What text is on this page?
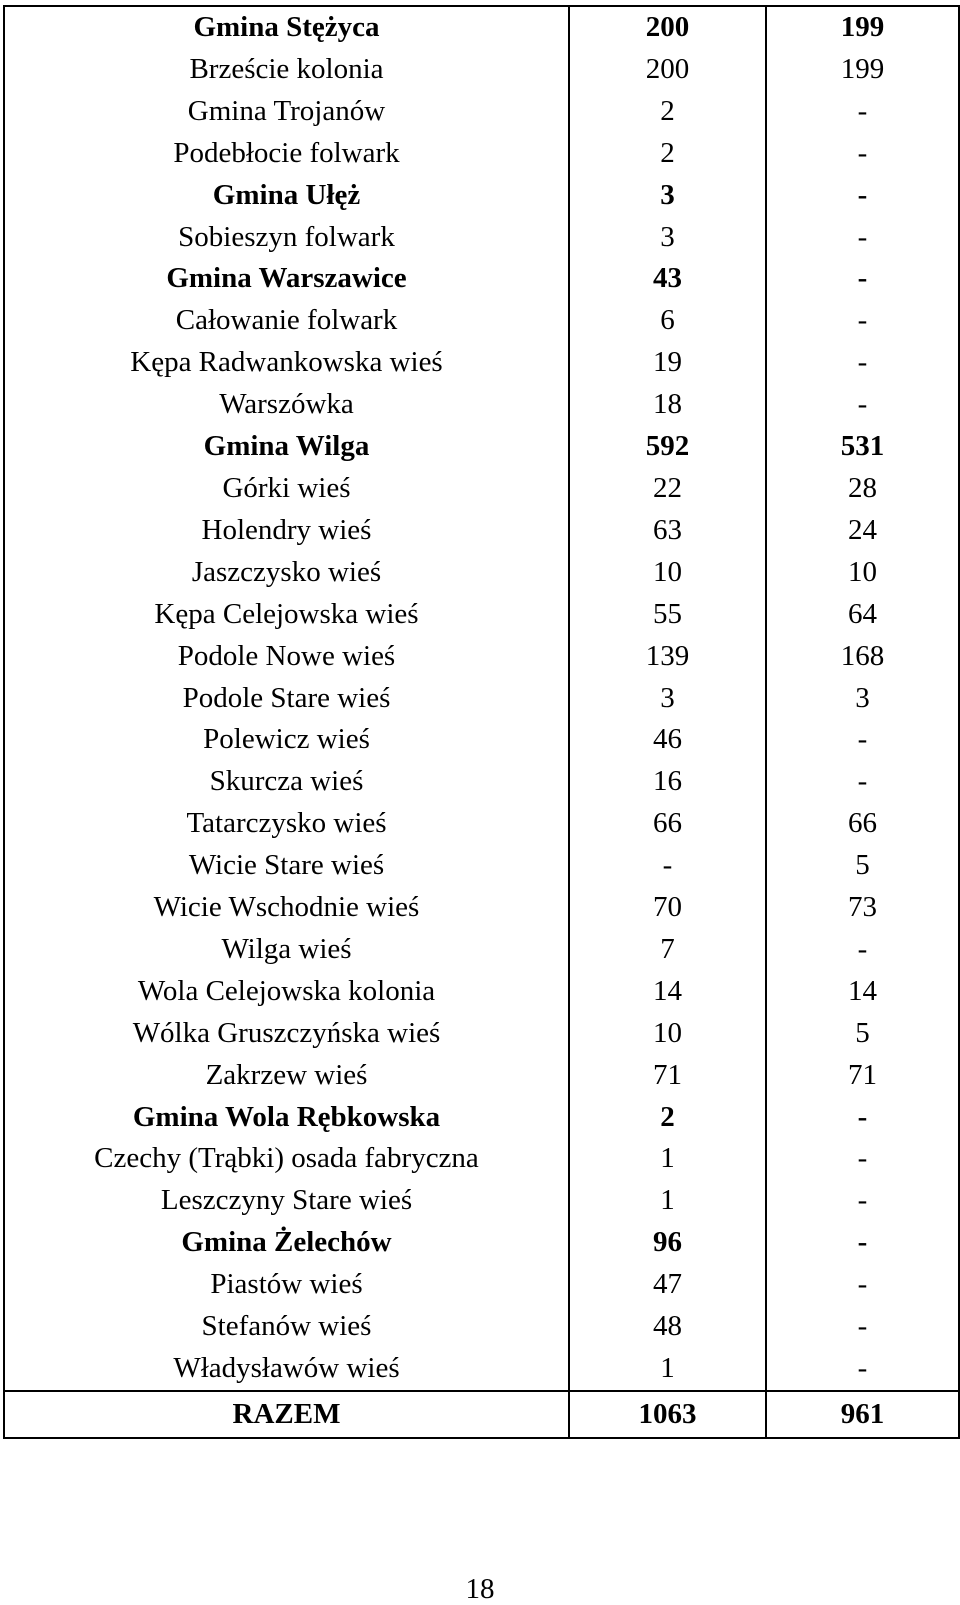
Gmina Stężyca	200	199
Brzeście kolonia	200	199
Gmina Trojanów	2	-
Podebłocie folwark	2	-
Gmina Ułęż	3	-
Sobieszyn folwark	3	-
Gmina Warszawice	43	-
Całowanie folwark	6	-
Kępa Radwankowska wieś	19	-
Warszówka	18	-
Gmina Wilga	592	531
Górki wieś	22	28
Holendry wieś	63	24
Jaszczysko wieś	10	10
Kępa Celejowska wieś	55	64
Podole Nowe wieś	139	168
Podole Stare wieś	3	3
Polewicz wieś	46	-
Skurcza wieś	16	-
Tatarczysko wieś	66	66
Wicie Stare wieś	-	5
Wicie Wschodnie wieś	70	73
Wilga wieś	7	-
Wola Celejowska kolonia	14	14
Wólka Gruszczyńska wieś	10	5
Zakrzew wieś	71	71
Gmina Wola Rębkowska	2	-
Czechy (Trąbki) osada fabryczna	1	-
Leszczyny Stare wieś	1	-
Gmina Żelechów	96	-
Piastów wieś	47	-
Stefanów wieś	48	-
Władysławów wieś	1	-
RAZEM	1063	961
18
